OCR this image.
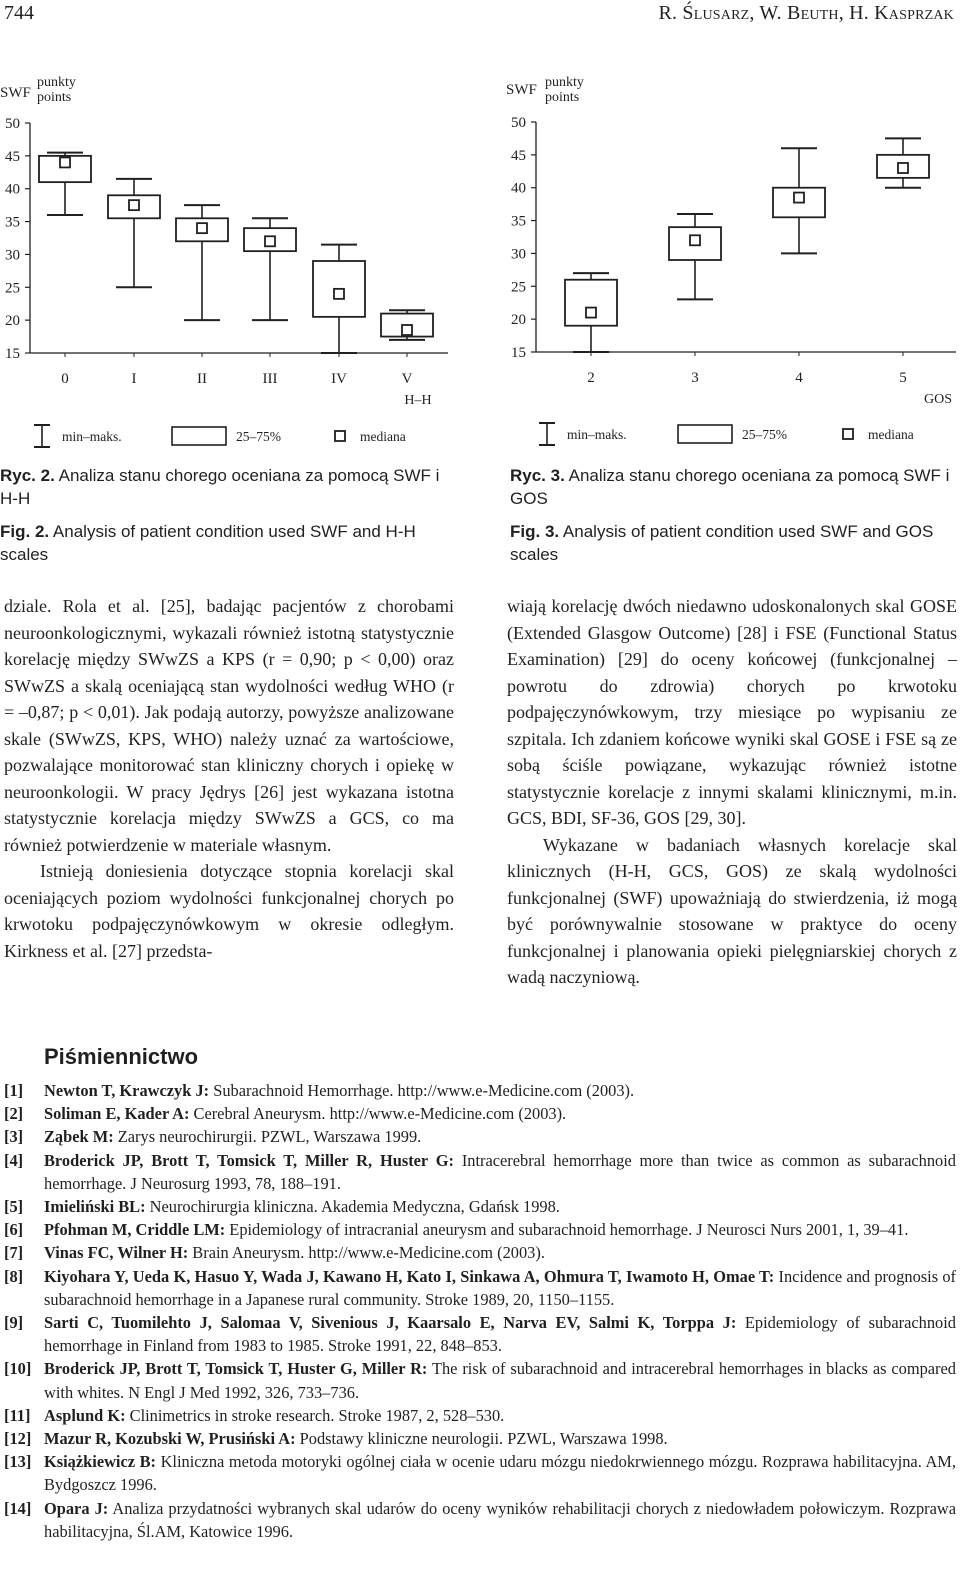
744	R. Ślusarz, W. Beuth, H. Kasprzak
SWF
punkty
points
50
45
40
35
30
25
20
15
0	I	II	III	IV	V
H–H
min–maks.	25–75%	mediana
Ryc. 2. Analiza stanu chorego oceniana za pomocą SWF i H-H
Fig. 2. Analysis of patient condition used SWF and H-H scales
SWF punkty
points
50
45
40
35
30
25
20
15
2	3	4	5
GOS
min–maks.	25–75%	mediana
Ryc. 3. Analiza stanu chorego oceniana za pomocą SWF i GOS
Fig. 3. Analysis of patient condition used SWF and GOS scales

dziale. Rola et al. [25], badając pacjentów z chorobami neuroonkologicznymi, wykazali również istotną statystycznie korelację między SWwZS a KPS (r = 0,90; p < 0,00) oraz SWwZS a skalą oceniającą stan wydolności według WHO (r = –0,87; p < 0,01). Jak podają autorzy, powyższe analizowane skale (SWwZS, KPS, WHO) należy uznać za wartościowe, pozwalające monitorować stan kliniczny chorych i opiekę w neuroonkologii. W pracy Jędrys [26] jest wykazana istotna statystycznie korelacja między SWwZS a GCS, co ma również potwierdzenie w materiale własnym.

Istnieją doniesienia dotyczące stopnia korelacji skal oceniających poziom wydolności funkcjonalnej chorych po krwotoku podpajęczynówkowym w okresie odległym. Kirkness et al. [27] przedsta-

wiają korelację dwóch niedawno udoskonalonych skal GOSE (Extended Glasgow Outcome) [28] i FSE (Functional Status Examination) [29] do oceny końcowej (funkcjonalnej – powrotu do zdrowia) chorych po krwotoku podpajęczynówkowym, trzy miesiące po wypisaniu ze szpitala. Ich zdaniem końcowe wyniki skal GOSE i FSE są ze sobą ściśle powiązane, wykazując również istotne statystycznie korelacje z innymi skalami klinicznymi, m.in. GCS, BDI, SF-36, GOS [29, 30].

Wykazane w badaniach własnych korelacje skal klinicznych (H-H, GCS, GOS) ze skalą wydolności funkcjonalnej (SWF) upoważniają do stwierdzenia, iż mogą być porównywalnie stosowane w praktyce do oceny funkcjonalnej i planowania opieki pielęgniarskiej chorych z wadą naczyniową.

Piśmiennictwo
[1]	Newton T, Krawczyk J: Subarachnoid Hemorrhage. http://www.e-Medicine.com (2003).
[2]	Soliman E, Kader A: Cerebral Aneurysm. http://www.e-Medicine.com (2003).
[3]	Ząbek M: Zarys neurochirurgii. PZWL, Warszawa 1999.
[4]	Broderick JP, Brott T, Tomsick T, Miller R, Huster G: Intracerebral hemorrhage more than twice as common as subarachnoid hemorrhage. J Neurosurg 1993, 78, 188–191.
[5]	Imieliński BL: Neurochirurgia kliniczna. Akademia Medyczna, Gdańsk 1998.
[6]	Pfohman M, Criddle LM: Epidemiology of intracranial aneurysm and subarachnoid hemorrhage. J Neurosci Nurs 2001, 1, 39–41.
[7]	Vinas FC, Wilner H: Brain Aneurysm. http://www.e-Medicine.com (2003).
[8]	Kiyohara Y, Ueda K, Hasuo Y, Wada J, Kawano H, Kato I, Sinkawa A, Ohmura T, Iwamoto H, Omae T: Incidence and prognosis of subarachnoid hemorrhage in a Japanese rural community. Stroke 1989, 20, 1150–1155.
[9]	Sarti C, Tuomilehto J, Salomaa V, Sivenious J, Kaarsalo E, Narva EV, Salmi K, Torppa J: Epidemiology of subarachnoid hemorrhage in Finland from 1983 to 1985. Stroke 1991, 22, 848–853.
[10] Broderick JP, Brott T, Tomsick T, Huster G, Miller R: The risk of subarachnoid and intracerebral hemorrhages in blacks as compared with whites. N Engl J Med 1992, 326, 733–736.
[11] Asplund K: Clinimetrics in stroke research. Stroke 1987, 2, 528–530.
[12] Mazur R, Kozubski W, Prusiński A: Podstawy kliniczne neurologii. PZWL, Warszawa 1998.
[13] Książkiewicz B: Kliniczna metoda motoryki ogólnej ciała w ocenie udaru mózgu niedokrwiennego mózgu. Rozprawa habilitacyjna. AM, Bydgoszcz 1996.
[14] Opara J: Analiza przydatności wybranych skal udarów do oceny wyników rehabilitacji chorych z niedowładem połowiczym. Rozprawa habilitacyjna, Śl.AM, Katowice 1996.
